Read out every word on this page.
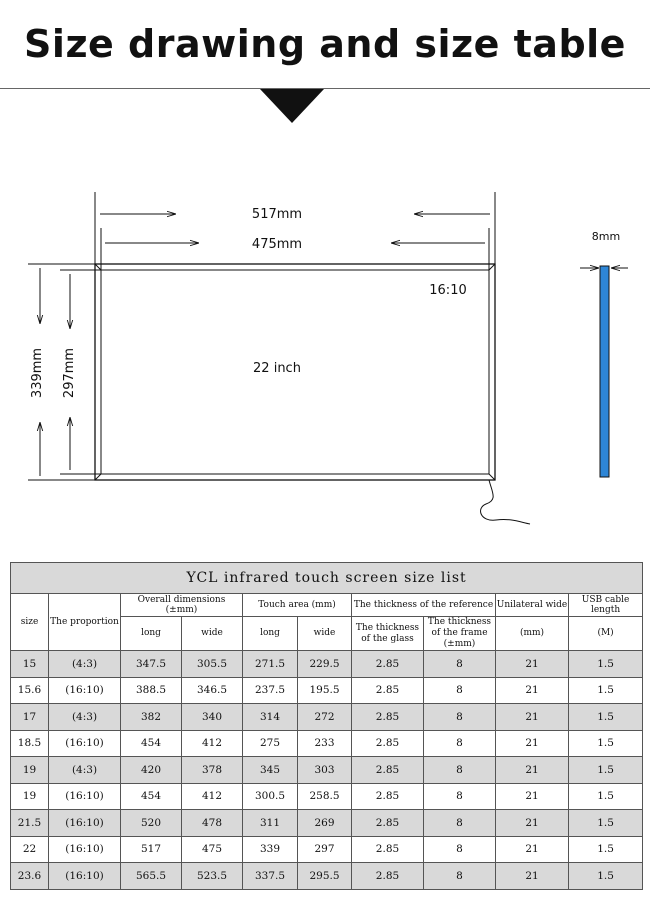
Size drawing and size table
517mm
475mm
16:10
22 inch
339mm 297mm
8mm
YCL infrared touch screen size list									
size	The proportion	Overall dimensions (±mm)		Touch area (mm)		The thickness of the reference		Unilateral wide	USB cable length
		long	wide	long	wide	The thickness of the glass	The thickness of the frame (±mm)	(mm)	(M)
15	(4:3)	347.5	305.5	271.5	229.5	2.85	8	21	1.5
15.6	(16:10)	388.5	346.5	237.5	195.5	2.85	8	21	1.5
17	(4:3)	382	340	314	272	2.85	8	21	1.5
18.5	(16:10)	454	412	275	233	2.85	8	21	1.5
19	(4:3)	420	378	345	303	2.85	8	21	1.5
19	(16:10)	454	412	300.5	258.5	2.85	8	21	1.5
21.5	(16:10)	520	478	311	269	2.85	8	21	1.5
22	(16:10)	517	475	339	297	2.85	8	21	1.5
23.6	(16:10)	565.5	523.5	337.5	295.5	2.85	8	21	1.5
